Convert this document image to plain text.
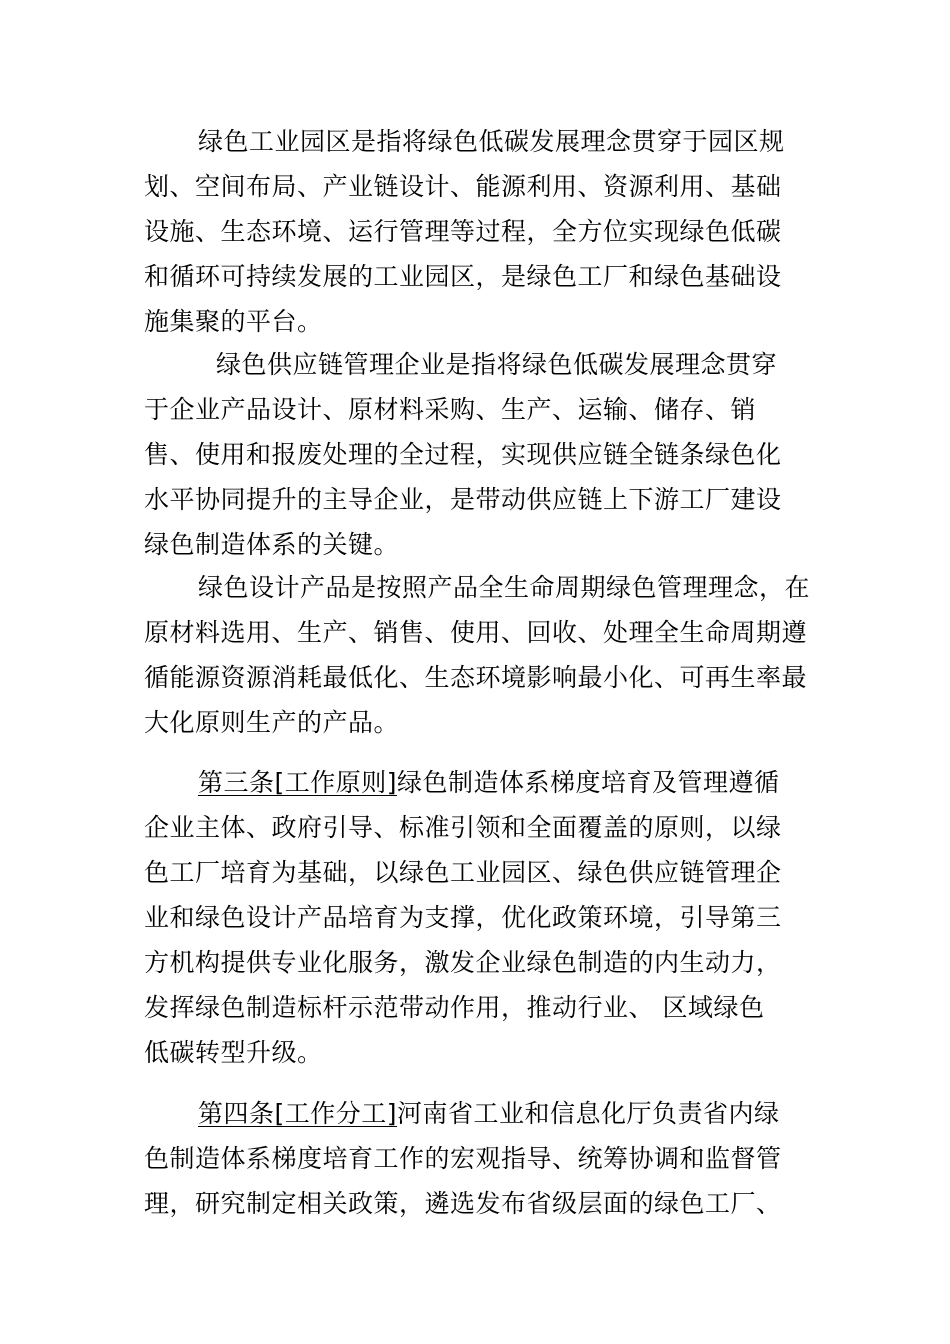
绿色工业园区是指将绿色低碳发展理念贯穿于园区规
划、空间布局、产业链设计、能源利用、资源利用、基础
设施、生态环境、运行管理等过程，全方位实现绿色低碳
和循环可持续发展的工业园区，是绿色工厂和绿色基础设
施集聚的平台。
绿色供应链管理企业是指将绿色低碳发展理念贯穿
于企业产品设计、原材料采购、生产、运输、储存、销
售、使用和报废处理的全过程，实现供应链全链条绿色化
水平协同提升的主导企业，是带动供应链上下游工厂建设
绿色制造体系的关键。
绿色设计产品是按照产品全生命周期绿色管理理念，在
原材料选用、生产、销售、使用、回收、处理全生命周期遵
循能源资源消耗最低化、生态环境影响最小化、可再生率最
大化原则生产的产品。
第三条[工作原则]绿色制造体系梯度培育及管理遵循
企业主体、政府引导、标准引领和全面覆盖的原则，以绿
色工厂培育为基础，以绿色工业园区、绿色供应链管理企
业和绿色设计产品培育为支撑，优化政策环境，引导第三
方机构提供专业化服务，激发企业绿色制造的内生动力，
发挥绿色制造标杆示范带动作用，推动行业、 区域绿色
低碳转型升级。
第四条[工作分工]河南省工业和信息化厅负责省内绿
色制造体系梯度培育工作的宏观指导、统筹协调和监督管
理，研究制定相关政策，遴选发布省级层面的绿色工厂、
